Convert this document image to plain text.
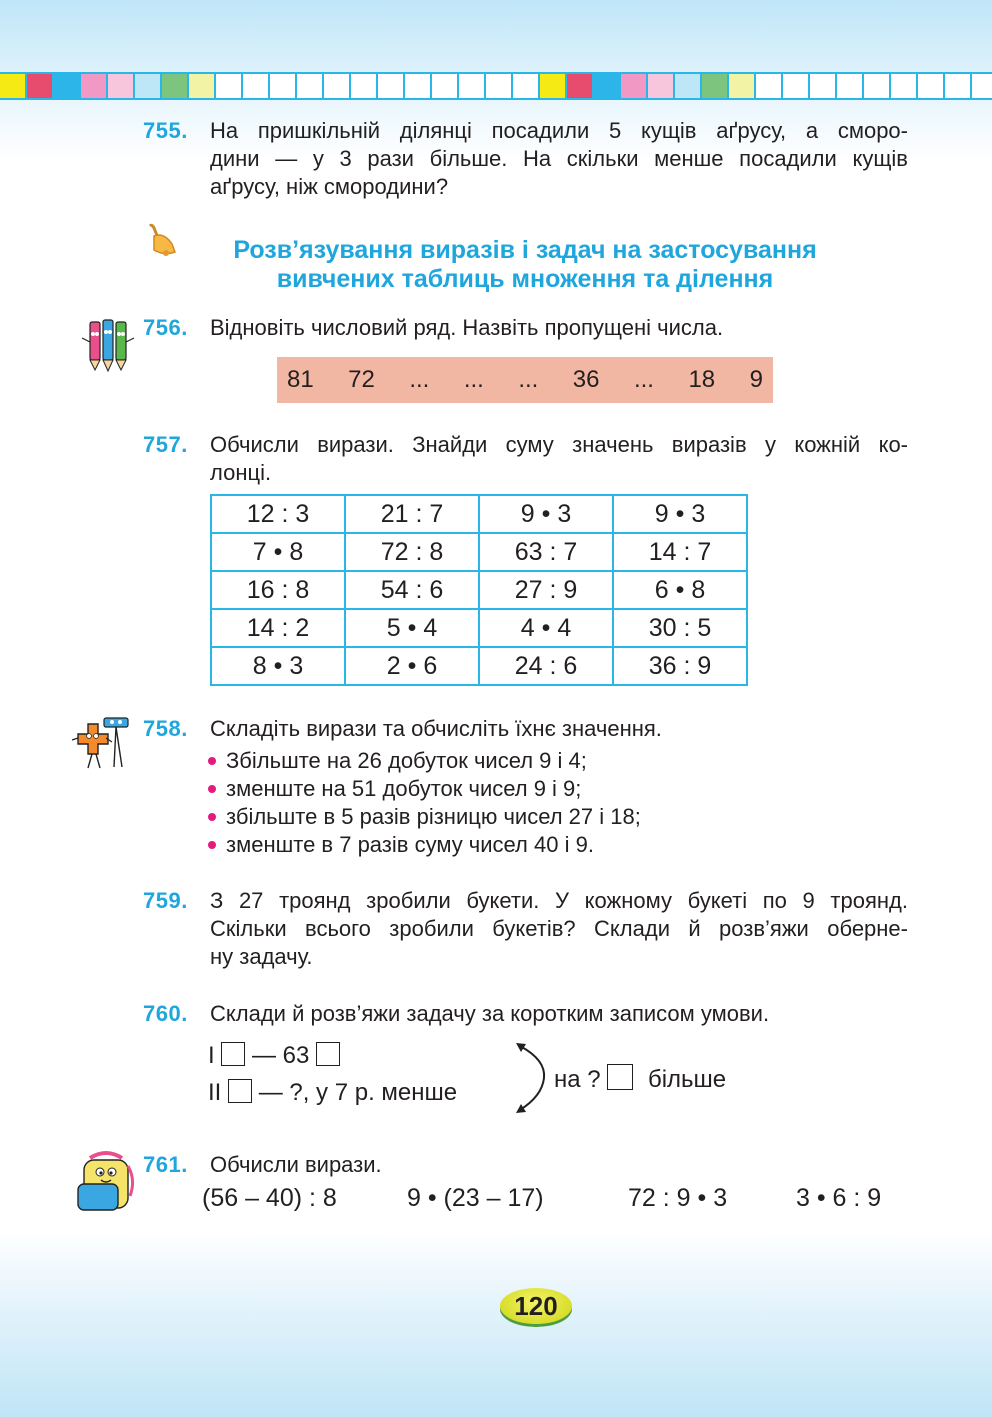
755. На пришкільній ділянці посадили 5 кущів аґрусу, а сморо-
дини — у 3 рази більше. На скільки менше посадили кущів
аґрусу, ніж смородини?
Розв’язування виразів і задач на застосування
вивчених таблиць множення та ділення
756. Відновіть числовий ряд. Назвіть пропущені числа.
81 72 ... ... ... 36 ... 18 9
757. Обчисли вирази. Знайди суму значень виразів у кожній ко-
лонці.
12 : 3	21 : 7	9 • 3	9 • 3
7 • 8	72 : 8	63 : 7	14 : 7
16 : 8	54 : 6	27 : 9	6 • 8
14 : 2	5 • 4	4 • 4	30 : 5
8 • 3	2 • 6	24 : 6	36 : 9
758. Складіть вирази та обчисліть їхнє значення.
Збільште на 26 добуток чисел 9 і 4;
зменште на 51 добуток чисел 9 і 9;
збільште в 5 разів різницю чисел 27 і 18;
зменште в 7 разів суму чисел 40 і 9.
759. З 27 троянд зробили букети. У кожному букеті по 9 троянд.
Скільки всього зробили букетів? Склади й розв’яжи оберне-
ну задачу.
760. Склади й розв’яжи задачу за коротким записом умови.
I — 63
II — ?, у 7 р. менше	на ? більше
761. Обчисли вирази.
(56 – 40) : 8	9 • (23 – 17)	72 : 9 • 3	3 • 6 : 9
120
